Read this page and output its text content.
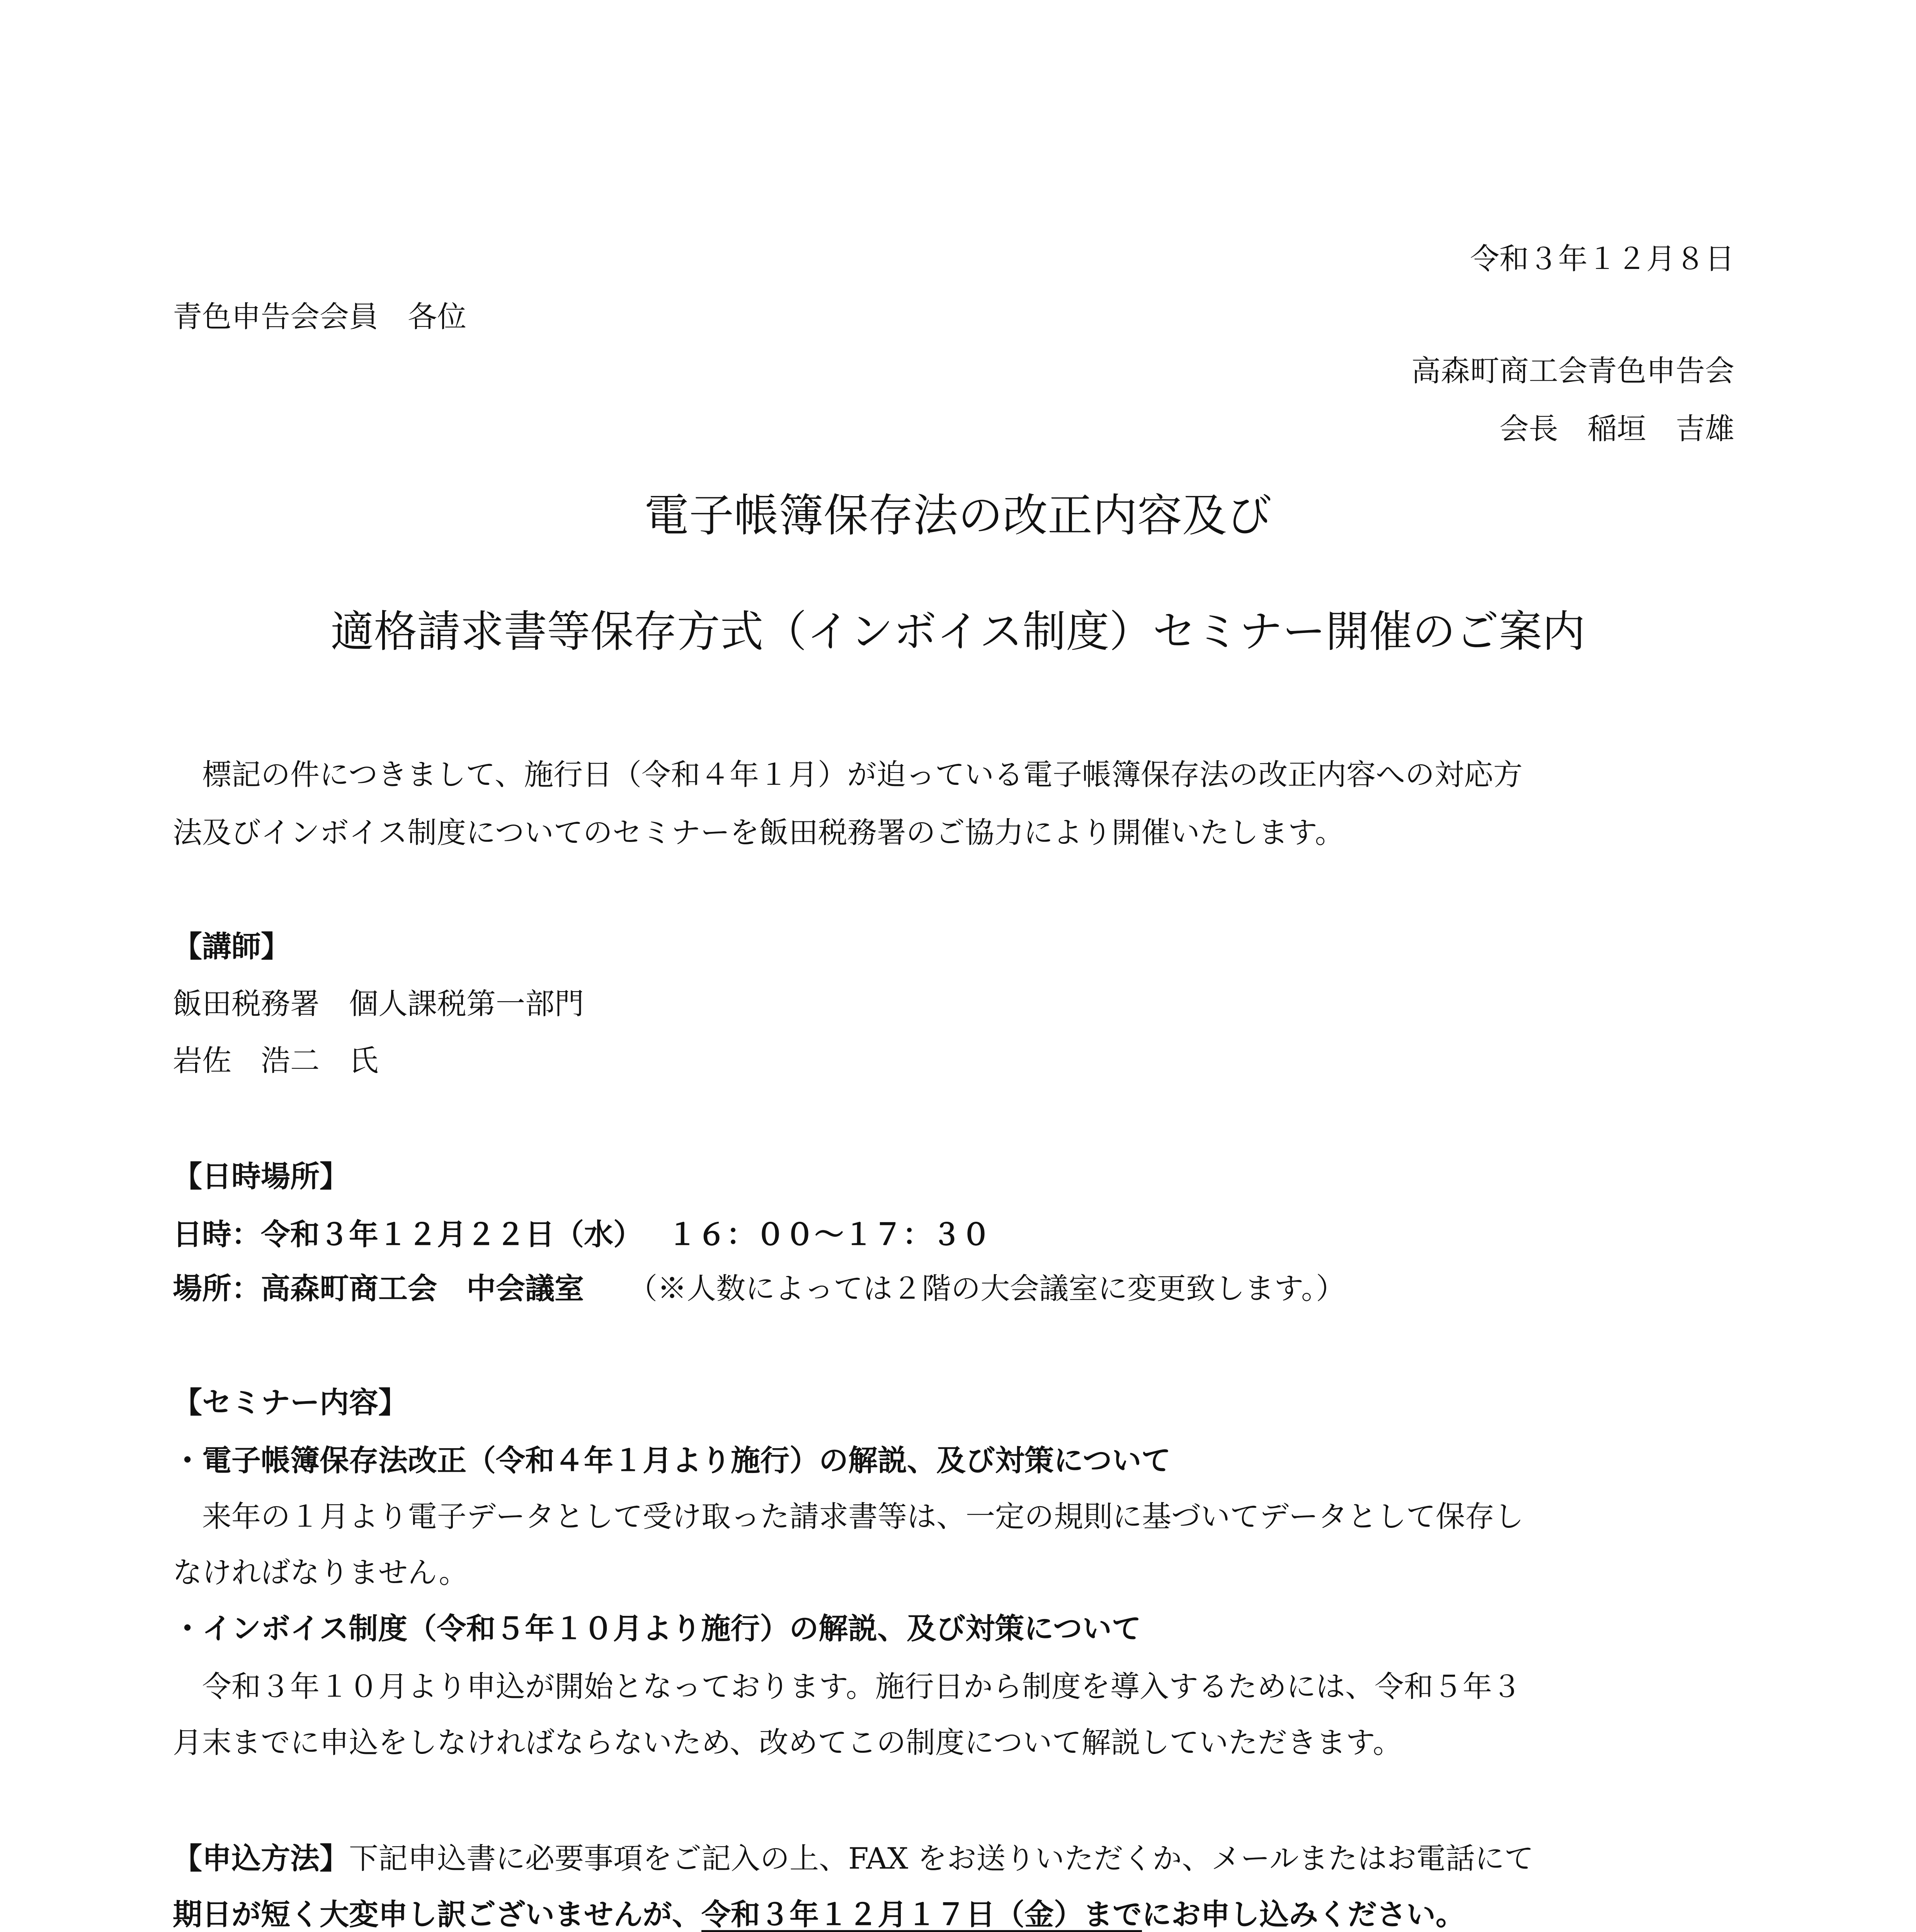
令和３年１２月８日
青色申告会会員　各位
高森町商工会青色申告会
会長　稲垣　吉雄
電子帳簿保存法の改正内容及び
適格請求書等保存方式（インボイス制度）セミナー開催のご案内
　標記の件につきまして、施行日（令和４年１月）が迫っている電子帳簿保存法の改正内容への対応方
法及びインボイス制度についてのセミナーを飯田税務署のご協力により開催いたします。
【講師】
飯田税務署　個人課税第一部門
岩佐　浩二　氏
【日時場所】
日時：令和３年１２月２２日（水）　 １６：００～１７：３０
場所：高森町商工会　中会議室 （※人数によっては２階の大会議室に変更致します。）
【セミナー内容】
・電子帳簿保存法改正（令和４年１月より施行）の解説、及び対策について
　来年の１月より電子データとして受け取った請求書等は、一定の規則に基づいてデータとして保存し
なければなりません。
・インボイス制度（令和５年１０月より施行）の解説、及び対策について
　令和３年１０月より申込が開始となっております。施行日から制度を導入するためには、令和５年３
月末までに申込をしなければならないため、改めてこの制度について解説していただきます。
【申込方法】下記申込書に必要事項をご記入の上、FAX をお送りいただくか、メールまたはお電話にて
期日が短く大変申し訳ございませんが、令和３年１２月１７日（金）までにお申し込みください。
